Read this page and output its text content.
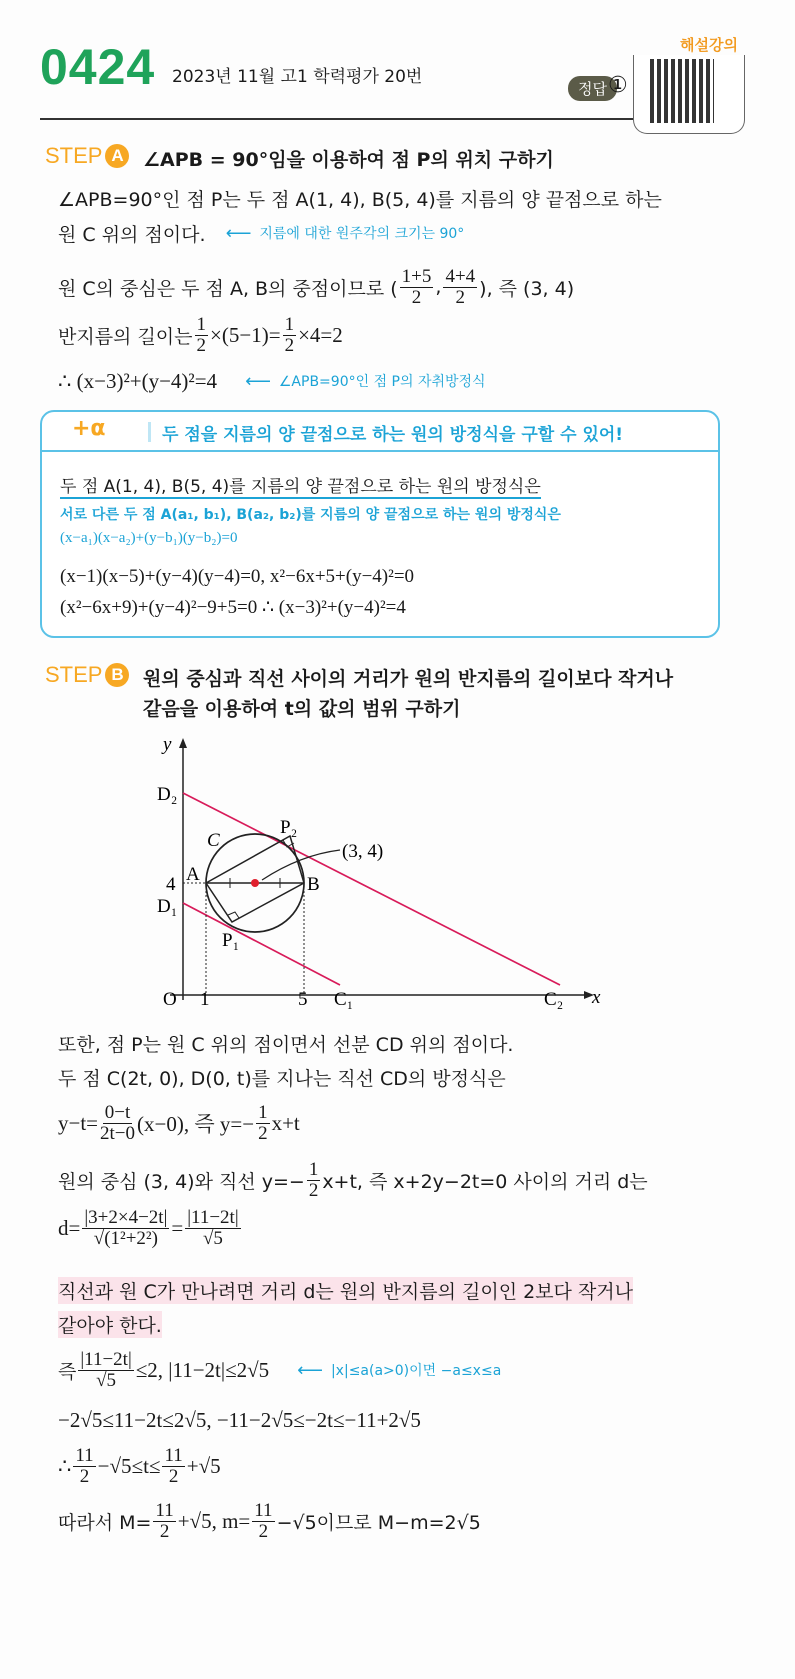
0424 2023년 11월 고1 학력평가 20번
정답 ①
해설강의
STEP A	∠APB = 90°임을 이용하여 점 P의 위치 구하기
∠APB=90°인 점 P는 두 점 A(1, 4), B(5, 4)를 지름의 양 끝점으로 하는
원 C 위의 점이다. ⟵ 지름에 대한 원주각의 크기는 90°
원 C의 중심은 두 점 A, B의 중점이므로 ( $\frac{1+5}{2}$ , $\frac{4+4}{2}$ ), 즉 (3, 4)
반지름의 길이는 $\frac{1}{2} \times(5-1)= \frac{1}{2} \times 4=2$
∴ (x−3)²+(y−4)²=4 ⟵ ∠APB=90°인 점 P의 자취방정식
+α	두 점을 지름의 양 끝점으로 하는 원의 방정식을 구할 수 있어!
두 점 A(1, 4), B(5, 4)를 지름의 양 끝점으로 하는 원의 방정식은
서로 다른 두 점 A(a₁, b₁), B(a₂, b₂)를 지름의 양 끝점으로 하는 원의 방정식은
(x−a₁)(x−a₂)+(y−b₁)(y−b₂)=0
(x−1)(x−5)+(y−4)(y−4)=0, x²−6x+5+(y−4)²=0
(x²−6x+9)+(y−4)²−9+5=0 ∴ (x−3)²+(y−4)²=4
STEP B	원의 중심과 직선 사이의 거리가 원의 반지름의 길이보다 작거나
같음을 이용하여 t의 값의 범위 구하기
y
x
O 1	5
4
D₂
D₁
C
A	B
P₂
P₁
C₁	C₂
(3, 4)
또한, 점 P는 원 C 위의 점이면서 선분 CD 위의 점이다.
두 점 C(2t, 0), D(0, t)를 지나는 직선 CD의 방정식은
$y-t= \frac{0-t}{2t-0} (x-0)$, 즉 $y=- \frac{1}{2} x+t$
원의 중심 (3, 4)와 직선 $y=- \frac{1}{2} x+t$, 즉 x+2y−2t=0 사이의 거리 d는
$d= \frac{|3+2\times 4-2t|}{\text{√(1²+2²)}} = \frac{|11-2t|}{√5}$
직선과 원 C가 만나려면 거리 d는 원의 반지름의 길이인 2보다 작거나
같아야 한다.
즉 $\frac{|11-2t|}{√5} \le 2$, |11−2t|≤2√5 ⟵ |x|≤a(a>0)이면 −a≤x≤a
−2√5≤11−2t≤2√5, −11−2√5≤−2t≤−11+2√5
∴ $\frac{11}{2} -√5\le t\le \frac{11}{2} +√5$
따라서 $M= \frac{11}{2} +√5$, $m= \frac{11}{2} -√5$이므로 M−m=2√5
